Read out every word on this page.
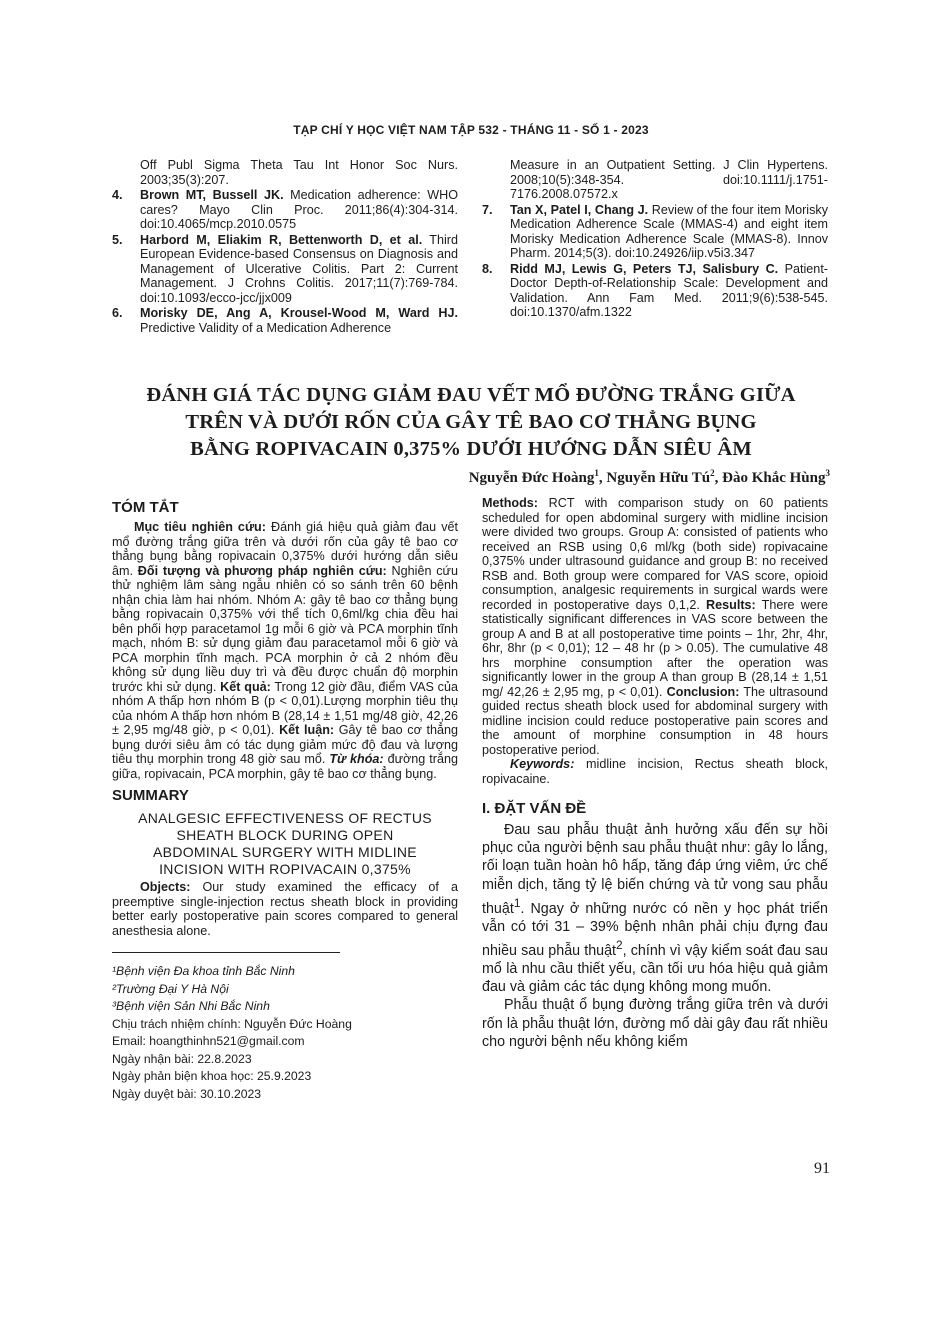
TẠP CHÍ Y HỌC VIỆT NAM TẬP 532 - THÁNG 11 - SỐ 1 - 2023
Off Publ Sigma Theta Tau Int Honor Soc Nurs. 2003;35(3):207.
4. Brown MT, Bussell JK. Medication adherence: WHO cares? Mayo Clin Proc. 2011;86(4):304-314. doi:10.4065/mcp.2010.0575
5. Harbord M, Eliakim R, Bettenworth D, et al. Third European Evidence-based Consensus on Diagnosis and Management of Ulcerative Colitis. Part 2: Current Management. J Crohns Colitis. 2017;11(7):769-784. doi:10.1093/ecco-jcc/jjx009
6. Morisky DE, Ang A, Krousel-Wood M, Ward HJ. Predictive Validity of a Medication Adherence
Measure in an Outpatient Setting. J Clin Hypertens. 2008;10(5):348-354. doi:10.1111/j.1751-7176.2008.07572.x
7. Tan X, Patel I, Chang J. Review of the four item Morisky Medication Adherence Scale (MMAS-4) and eight item Morisky Medication Adherence Scale (MMAS-8). Innov Pharm. 2014;5(3). doi:10.24926/iip.v5i3.347
8. Ridd MJ, Lewis G, Peters TJ, Salisbury C. Patient-Doctor Depth-of-Relationship Scale: Development and Validation. Ann Fam Med. 2011;9(6):538-545. doi:10.1370/afm.1322
ĐÁNH GIÁ TÁC DỤNG GIẢM ĐAU VẾT MỔ ĐƯỜNG TRẮNG GIỮA
TRÊN VÀ DƯỚI RỐN CỦA GÂY TÊ BAO CƠ THẲNG BỤNG
BẰNG ROPIVACAIN 0,375% DƯỚI HƯỚNG DẪN SIÊU ÂM
Nguyễn Đức Hoàng$^1$, Nguyễn Hữu $Tú^2$, Đào Khắc Hùng$^3$
TÓM TẮT
Mục tiêu nghiên cứu: Đánh giá hiệu quả giảm đau vết mổ đường trắng giữa trên và dưới rốn của gây tê bao cơ thẳng bụng bằng ropivacain 0,375% dưới hướng dẫn siêu âm. Đối tượng và phương pháp nghiên cứu: Nghiên cứu thử nghiệm lâm sàng ngẫu nhiên có so sánh trên 60 bệnh nhận chia làm hai nhóm. Nhóm A: gây tê bao cơ thẳng bụng bằng ropivacain 0,375% với thể tích 0,6ml/kg chia đều hai bên phối hợp paracetamol 1g mỗi 6 giờ và PCA morphin tĩnh mạch, nhóm B: sử dụng giảm đau paracetamol mỗi 6 giờ và PCA morphin tĩnh mạch. PCA morphin ở cả 2 nhóm đều không sử dụng liều duy trì và đều được chuẩn độ morphin trước khi sử dụng. Kết quả: Trong 12 giờ đầu, điểm VAS của nhóm A thấp hơn nhóm B (p < 0,01).Lượng morphin tiêu thụ của nhóm A thấp hơn nhóm B (28,14 ± 1,51 mg/48 giờ, 42,26 ± 2,95 mg/48 giờ, p < 0,01). Kết luận: Gây tê bao cơ thẳng bụng dưới siêu âm có tác dụng giảm mức độ đau và lượng tiêu thụ morphin trong 48 giờ sau mổ. Từ khóa: đường trắng giữa, ropivacain, PCA morphin, gây tê bao cơ thẳng bụng.
SUMMARY
ANALGESIC EFFECTIVENESS OF RECTUS
SHEATH BLOCK DURING OPEN
ABDOMINAL SURGERY WITH MIDLINE
INCISION WITH ROPIVACAIN 0,375%
Objects: Our study examined the efficacy of a preemptive single-injection rectus sheath block in providing better early postoperative pain scores compared to general anesthesia alone.
¹Bệnh viện Đa khoa tỉnh Bắc Ninh
²Trường Đại Y Hà Nội
³Bệnh viện Sản Nhi Bắc Ninh
Chịu trách nhiệm chính: Nguyễn Đức Hoàng
Email: hoangthinhn521@gmail.com
Ngày nhận bài: 22.8.2023
Ngày phản biện khoa học: 25.9.2023
Ngày duyệt bài: 30.10.2023
Methods: RCT with comparison study on 60 patients scheduled for open abdominal surgery with midline incision were divided two groups. Group A: consisted of patients who received an RSB using 0,6 ml/kg (both side) ropivacaine 0,375% under ultrasound guidance and group B: no received RSB and. Both group were compared for VAS score, opioid consumption, analgesic requirements in surgical wards were recorded in postoperative days 0,1,2. Results: There were statistically significant differences in VAS score between the group A and B at all postoperative time points – 1hr, 2hr, 4hr, 6hr, 8hr (p < 0,01); 12 – 48 hr (p > 0.05). The cumulative 48 hrs morphine consumption after the operation was significantly lower in the group A than group B (28,14 ± 1,51 mg/ 42,26 ± 2,95 mg, p < 0,01). Conclusion: The ultrasound guided rectus sheath block used for abdominal surgery with midline incision could reduce postoperative pain scores and the amount of morphine consumption in 48 hours postoperative period.
Keywords: midline incision, Rectus sheath block, ropivacaine.
I. ĐẶT VẤN ĐỀ

Đau sau phẫu thuật ảnh hưởng xấu đến sự hồi phục của người bệnh sau phẫu thuật như: gây lo lắng, rối loạn tuần hoàn hô hấp, tăng đáp ứng viêm, ức chế miễn dịch, tăng tỷ lệ biến chứng và tử vong sau phẫu thuật$^1$. Ngay ở những nước có nền y học phát triển vẫn có tới 31 – 39% bệnh nhân phải chịu đựng đau nhiều sau phẫu thuật$^2$, chính vì vậy kiểm soát đau sau mổ là nhu cầu thiết yếu, cần tối ưu hóa hiệu quả giảm đau và giảm các tác dụng không mong muốn.

Phẫu thuật ổ bụng đường trắng giữa trên và dưới rốn là phẫu thuật lớn, đường mổ dài gây đau rất nhiều cho người bệnh nếu không kiểm

91
